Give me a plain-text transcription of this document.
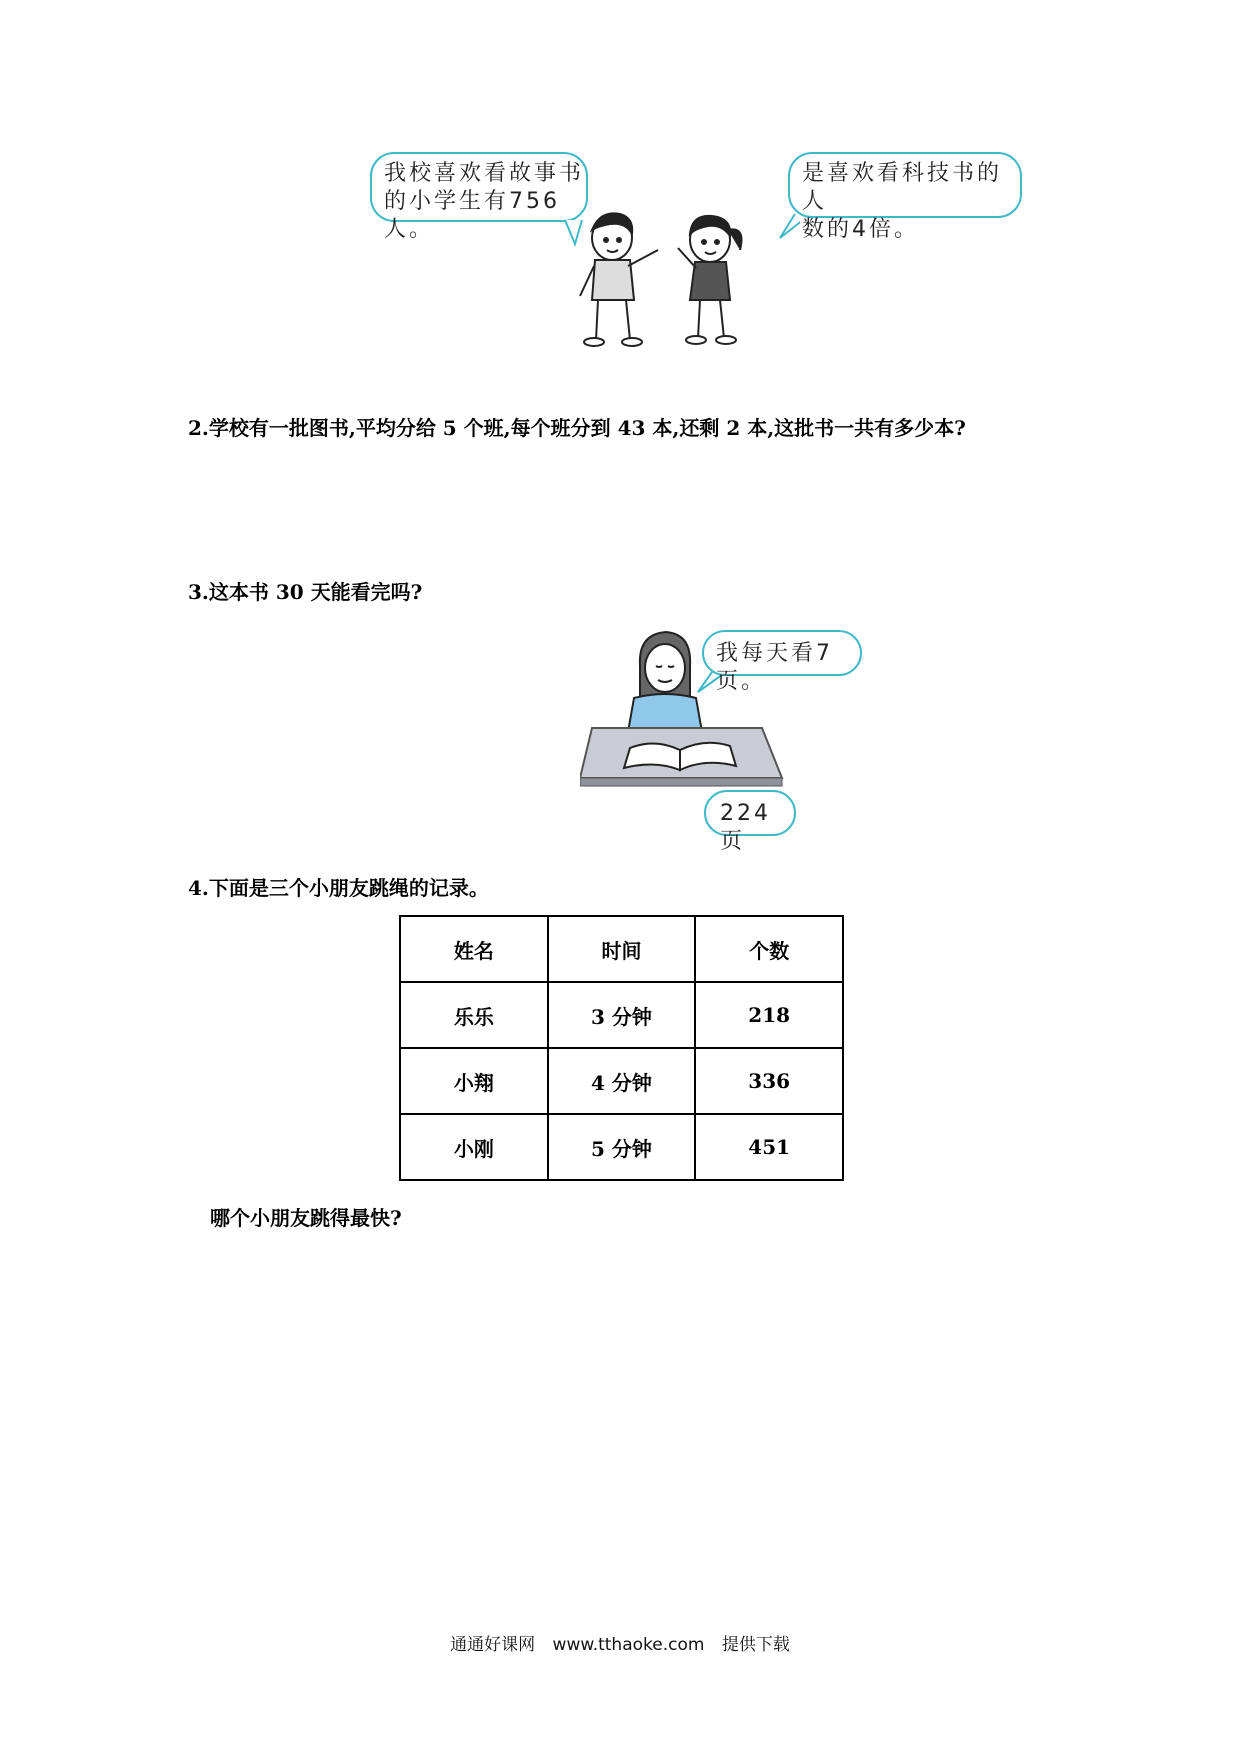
我校喜欢看故事书
的小学生有756人。
是喜欢看科技书的人
数的4倍。
2.学校有一批图书,平均分给 5 个班,每个班分到 43 本,还剩 2 本,这批书一共有多少本?
3.这本书 30 天能看完吗?
我每天看7页。
224页
4.下面是三个小朋友跳绳的记录。
姓名	时间	个数
乐乐	3 分钟	218
小翔	4 分钟	336
小刚	5 分钟	451
哪个小朋友跳得最快?
通通好课网 www.tthaoke.com 提供下载
